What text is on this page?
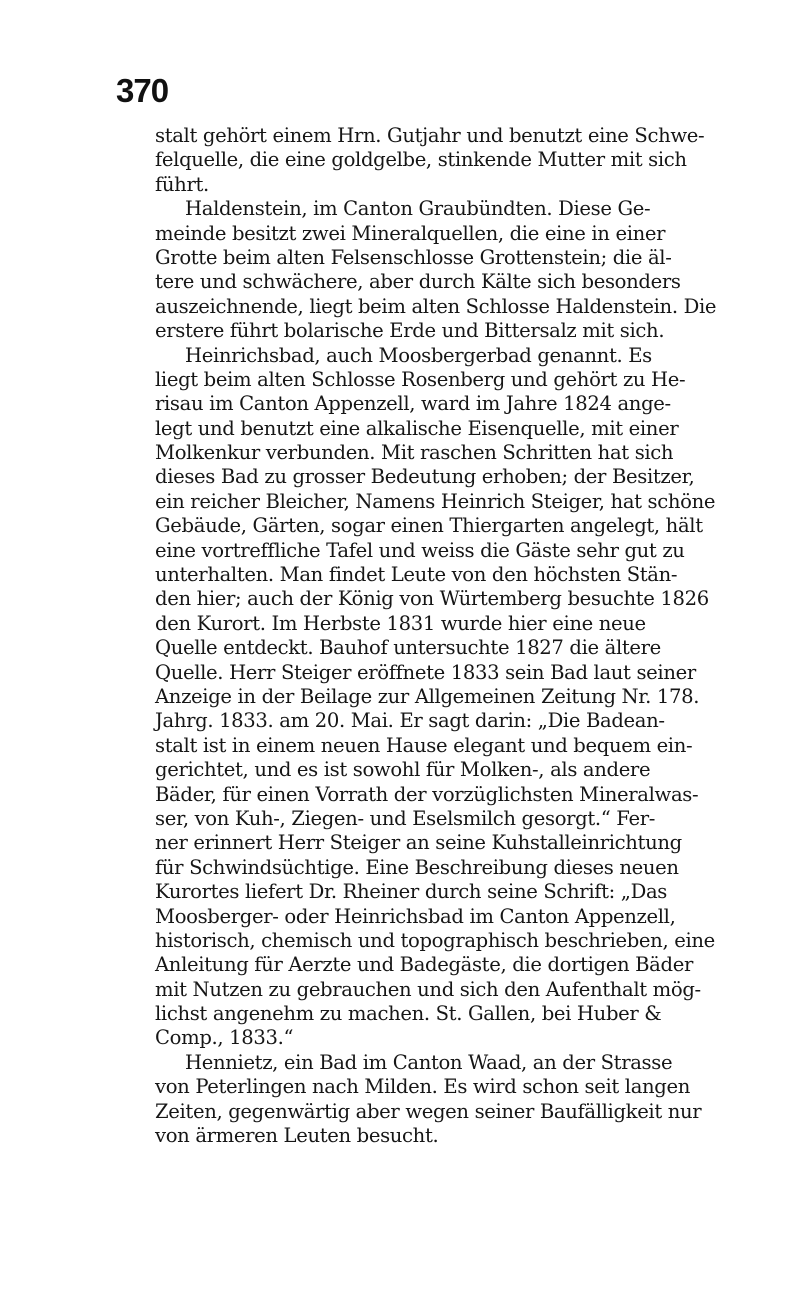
370
stalt gehört einem Hrn. Gutjahr und benutzt eine Schwe-
felquelle, die eine goldgelbe, stinkende Mutter mit sich
führt.
Haldenstein, im Canton Graubündten. Diese Ge-
meinde besitzt zwei Mineralquellen, die eine in einer
Grotte beim alten Felsenschlosse Grottenstein; die äl-
tere und schwächere, aber durch Kälte sich besonders
auszeichnende, liegt beim alten Schlosse Haldenstein. Die
erstere führt bolarische Erde und Bittersalz mit sich.
Heinrichsbad, auch Moosbergerbad genannt. Es
liegt beim alten Schlosse Rosenberg und gehört zu He-
risau im Canton Appenzell, ward im Jahre 1824 ange-
legt und benutzt eine alkalische Eisenquelle, mit einer
Molkenkur verbunden. Mit raschen Schritten hat sich
dieses Bad zu grosser Bedeutung erhoben; der Besitzer,
ein reicher Bleicher, Namens Heinrich Steiger, hat schöne
Gebäude, Gärten, sogar einen Thiergarten angelegt, hält
eine vortreffliche Tafel und weiss die Gäste sehr gut zu
unterhalten. Man findet Leute von den höchsten Stän-
den hier; auch der König von Würtemberg besuchte 1826
den Kurort. Im Herbste 1831 wurde hier eine neue
Quelle entdeckt. Bauhof untersuchte 1827 die ältere
Quelle. Herr Steiger eröffnete 1833 sein Bad laut seiner
Anzeige in der Beilage zur Allgemeinen Zeitung Nr. 178.
Jahrg. 1833. am 20. Mai. Er sagt darin: „Die Badean-
stalt ist in einem neuen Hause elegant und bequem ein-
gerichtet, und es ist sowohl für Molken-, als andere
Bäder, für einen Vorrath der vorzüglichsten Mineralwas-
ser, von Kuh-, Ziegen- und Eselsmilch gesorgt.“ Fer-
ner erinnert Herr Steiger an seine Kuhstalleinrichtung
für Schwindsüchtige. Eine Beschreibung dieses neuen
Kurortes liefert Dr. Rheiner durch seine Schrift: „Das
Moosberger- oder Heinrichsbad im Canton Appenzell,
historisch, chemisch und topographisch beschrieben, eine
Anleitung für Aerzte und Badegäste, die dortigen Bäder
mit Nutzen zu gebrauchen und sich den Aufenthalt mög-
lichst angenehm zu machen. St. Gallen, bei Huber &
Comp., 1833.“
Hennietz, ein Bad im Canton Waad, an der Strasse
von Peterlingen nach Milden. Es wird schon seit langen
Zeiten, gegenwärtig aber wegen seiner Baufälligkeit nur
von ärmeren Leuten besucht.
